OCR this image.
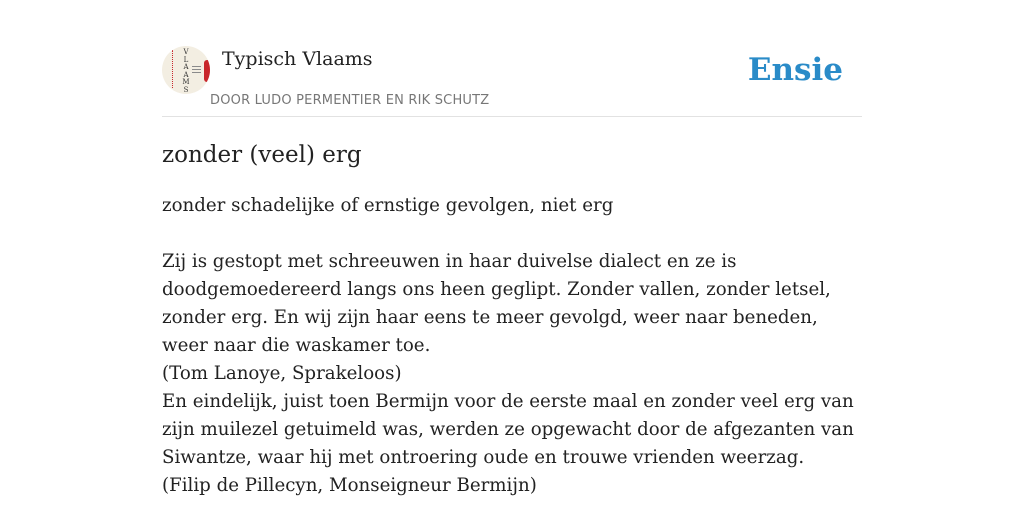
V
L
A
A
M
S
Typisch Vlaams
DOOR LUDO PERMENTIER EN RIK SCHUTZ
Ensie
zonder (veel) erg

zonder schadelijke of ernstige gevolgen, niet erg

Zij is gestopt met schreeuwen in haar duivelse dialect en ze is doodgemoedereerd langs ons heen geglipt. Zonder vallen, zonder letsel, zonder erg. En wij zijn haar eens te meer gevolgd, weer naar beneden, weer naar die waskamer toe.

(Tom Lanoye, Sprakeloos)

En eindelijk, juist toen Bermijn voor de eerste maal en zonder veel erg van zijn muilezel getuimeld was, werden ze opgewacht door de afgezanten van Siwantze, waar hij met ontroering oude en trouwe vrienden weerzag.

(Filip de Pillecyn, Monseigneur Bermijn)
